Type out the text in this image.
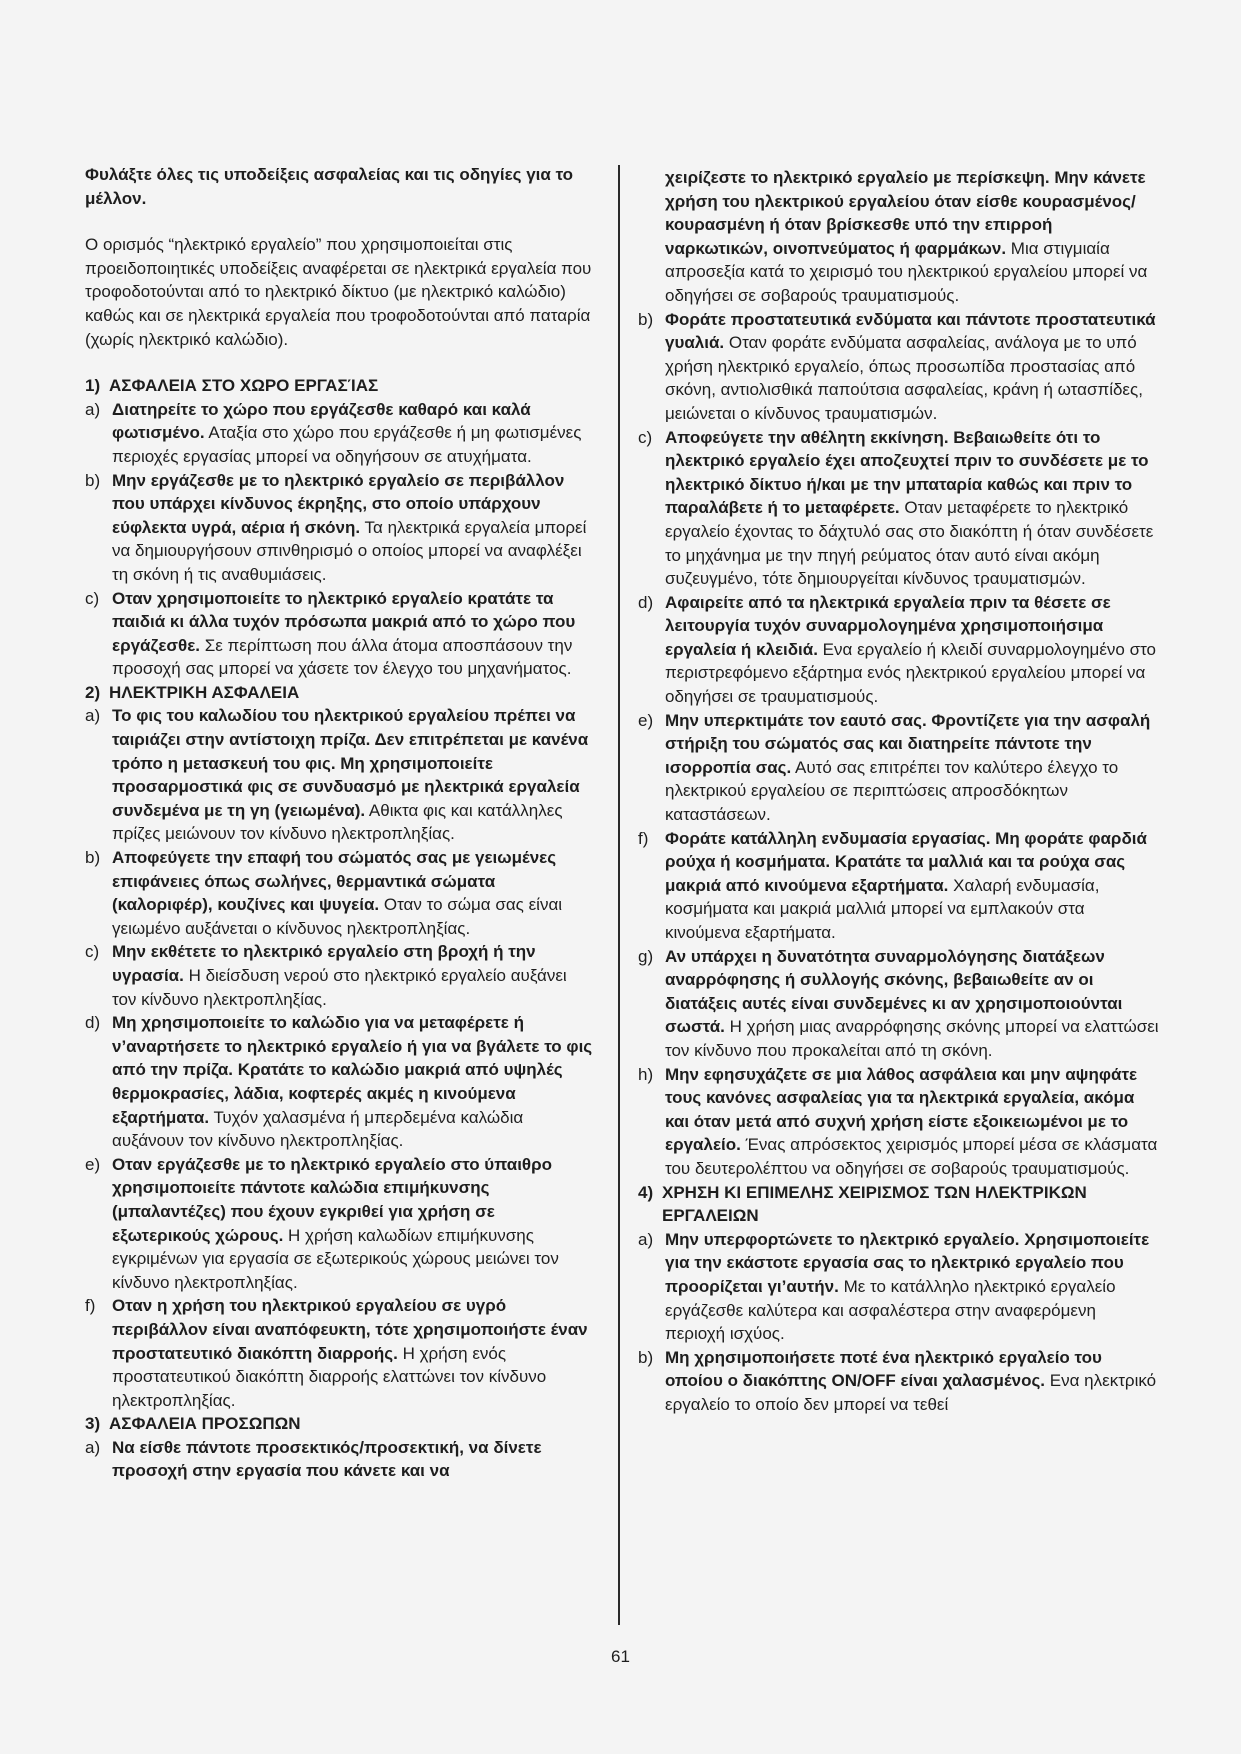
Φυλάξτε όλες τις υποδείξεις ασφαλείας και τις οδηγίες για το μέλλον.

Ο ορισμός “ηλεκτρικό εργαλείο” που χρησιμοποιείται στις προειδοποιητικές υποδείξεις αναφέρεται σε ηλεκτρικά εργαλεία που τροφοδοτούνται από το ηλεκτρικό δίκτυο (με ηλεκτρικό καλώδιο) καθώς και σε ηλεκτρικά εργαλεία που τροφοδοτούνται από παταρία (χωρίς ηλεκτρικό καλώδιο).

1) ΑΣΦΑΛΕΙΑ ΣΤΟ ΧΩΡΟ ΕΡΓΑΣΊΑΣ
a) Διατηρείτε το χώρο που εργάζεσθε καθαρό και καλά φωτισμένο. Αταξία στο χώρο που εργάζεσθε ή μη φωτισμένες περιοχές εργασίας μπορεί να οδηγήσουν σε ατυχήματα.
b) Μην εργάζεσθε με το ηλεκτρικό εργαλείο σε περιβάλλον που υπάρχει κίνδυνος έκρηξης, στο οποίο υπάρχουν εύφλεκτα υγρά, αέρια ή σκόνη. Τα ηλεκτρικά εργαλεία μπορεί να δημιουργήσουν σπινθηρισμό ο οποίος μπορεί να αναφλέξει τη σκόνη ή τις αναθυμιάσεις.
c) Οταν χρησιμοποιείτε το ηλεκτρικό εργαλείο κρατάτε τα παιδιά κι άλλα τυχόν πρόσωπα μακριά από το χώρο που εργάζεσθε. Σε περίπτωση που άλλα άτομα αποσπάσουν την προσοχή σας μπορεί να χάσετε τον έλεγχο του μηχανήματος.
2) ΗΛΕΚΤΡΙΚΗ ΑΣΦΑΛΕΙΑ
a) Το φις του καλωδίου του ηλεκτρικού εργαλείου πρέπει να ταιριάζει στην αντίστοιχη πρίζα. Δεν επιτρέπεται με κανένα τρόπο η μετασκευή του φις. Μη χρησιμοποιείτε προσαρμοστικά φις σε συνδυασμό με ηλεκτρικά εργαλεία συνδεμένα με τη γη (γειωμένα). Αθικτα φις και κατάλληλες πρίζες μειώνουν τον κίνδυνο ηλεκτροπληξίας.
b) Αποφεύγετε την επαφή του σώματός σας με γειωμένες επιφάνειες όπως σωλήνες, θερμαντικά σώματα (καλοριφέρ), κουζίνες και ψυγεία. Οταν το σώμα σας είναι γειωμένο αυξάνεται ο κίνδυνος ηλεκτροπληξίας.
c) Μην εκθέτετε το ηλεκτρικό εργαλείο στη βροχή ή την υγρασία. Η διείσδυση νερού στο ηλεκτρικό εργαλείο αυξάνει τον κίνδυνο ηλεκτροπληξίας.
d) Μη χρησιμοποιείτε το καλώδιο για να μεταφέρετε ή ν’αναρτήσετε το ηλεκτρικό εργαλείο ή για να βγάλετε το φις από την πρίζα. Κρατάτε το καλώδιο μακριά από υψηλές θερμοκρασίες, λάδια, κοφτερές ακμές η κινούμενα εξαρτήματα. Τυχόν χαλασμένα ή μπερδεμένα καλώδια αυξάνουν τον κίνδυνο ηλεκτροπληξίας.
e) Οταν εργάζεσθε με το ηλεκτρικό εργαλείο στο ύπαιθρο χρησιμοποιείτε πάντοτε καλώδια επιμήκυνσης (μπαλαντέζες) που έχουν εγκριθεί για χρήση σε εξωτερικούς χώρους. Η χρήση καλωδίων επιμήκυνσης εγκριμένων για εργασία σε εξωτερικούς χώρους μειώνει τον κίνδυνο ηλεκτροπληξίας.
f) Οταν η χρήση του ηλεκτρικού εργαλείου σε υγρό περιβάλλον είναι αναπόφευκτη, τότε χρησιμοποιήστε έναν προστατευτικό διακόπτη διαρροής. Η χρήση ενός προστατευτικού διακόπτη διαρροής ελαττώνει τον κίνδυνο ηλεκτροπληξίας.
3) ΑΣΦΑΛΕΙΑ ΠΡΟΣΩΠΩΝ
a) Να είσθε πάντοτε προσεκτικός/προσεκτική, να δίνετε προσοχή στην εργασία που κάνετε και να
χειρίζεστε το ηλεκτρικό εργαλείο με περίσκεψη. Μην κάνετε χρήση του ηλεκτρικού εργαλείου όταν είσθε κουρασμένος/κουρασμένη ή όταν βρίσκεσθε υπό την επιρροή ναρκωτικών, οινοπνεύματος ή φαρμάκων. Μια στιγμιαία απροσεξία κατά το χειρισμό του ηλεκτρικού εργαλείου μπορεί να οδηγήσει σε σοβαρούς τραυματισμούς.
b) Φοράτε προστατευτικά ενδύματα και πάντοτε προστατευτικά γυαλιά. Οταν φοράτε ενδύματα ασφαλείας, ανάλογα με το υπό χρήση ηλεκτρικό εργαλείο, όπως προσωπίδα προστασίας από σκόνη, αντιολισθικά παπούτσια ασφαλείας, κράνη ή ωτασπίδες, μειώνεται ο κίνδυνος τραυματισμών.
c) Αποφεύγετε την αθέλητη εκκίνηση. Βεβαιωθείτε ότι το ηλεκτρικό εργαλείο έχει αποζευχτεί πριν το συνδέσετε με το ηλεκτρικό δίκτυο ή/και με την μπαταρία καθώς και πριν το παραλάβετε ή το μεταφέρετε. Οταν μεταφέρετε το ηλεκτρικό εργαλείο έχοντας το δάχτυλό σας στο διακόπτη ή όταν συνδέσετε το μηχάνημα με την πηγή ρεύματος όταν αυτό είναι ακόμη συζευγμένο, τότε δημιουργείται κίνδυνος τραυματισμών.
d) Αφαιρείτε από τα ηλεκτρικά εργαλεία πριν τα θέσετε σε λειτουργία τυχόν συναρμολογημένα χρησιμοποιήσιμα εργαλεία ή κλειδιά. Ενα εργαλείο ή κλειδί συναρμολογημένο στο περιστρεφόμενο εξάρτημα ενός ηλεκτρικού εργαλείου μπορεί να οδηγήσει σε τραυματισμούς.
e) Μην υπερκτιμάτε τον εαυτό σας. Φροντίζετε για την ασφαλή στήριξη του σώματός σας και διατηρείτε πάντοτε την ισορροπία σας. Αυτό σας επιτρέπει τον καλύτερο έλεγχο το ηλεκτρικού εργαλείου σε περιπτώσεις απροσδόκητων καταστάσεων.
f) Φοράτε κατάλληλη ενδυμασία εργασίας. Μη φοράτε φαρδιά ρούχα ή κοσμήματα. Κρατάτε τα μαλλιά και τα ρούχα σας μακριά από κινούμενα εξαρτήματα. Χαλαρή ενδυμασία, κοσμήματα και μακριά μαλλιά μπορεί να εμπλακούν στα κινούμενα εξαρτήματα.
g) Αν υπάρχει η δυνατότητα συναρμολόγησης διατάξεων αναρρόφησης ή συλλογής σκόνης, βεβαιωθείτε αν οι διατάξεις αυτές είναι συνδεμένες κι αν χρησιμοποιούνται σωστά. Η χρήση μιας αναρρόφησης σκόνης μπορεί να ελαττώσει τον κίνδυνο που προκαλείται από τη σκόνη.
h) Μην εφησυχάζετε σε μια λάθος ασφάλεια και μην αψηφάτε τους κανόνες ασφαλείας για τα ηλεκτρικά εργαλεία, ακόμα και όταν μετά από συχνή χρήση είστε εξοικειωμένοι με το εργαλείο. Ένας απρόσεκτος χειρισμός μπορεί μέσα σε κλάσματα του δευτερολέπτου να οδηγήσει σε σοβαρούς τραυματισμούς.
4) ΧΡΗΣΗ ΚΙ ΕΠΙΜΕΛΗΣ ΧΕΙΡΙΣΜΟΣ ΤΩΝ ΗΛΕΚΤΡΙΚΩΝ ΕΡΓΑΛΕΙΩΝ
a) Μην υπερφορτώνετε το ηλεκτρικό εργαλείο. Χρησιμοποιείτε για την εκάστοτε εργασία σας το ηλεκτρικό εργαλείο που προορίζεται γι’αυτήν. Με το κατάλληλο ηλεκτρικό εργαλείο εργάζεσθε καλύτερα και ασφαλέστερα στην αναφερόμενη περιοχή ισχύος.
b) Μη χρησιμοποιήσετε ποτέ ένα ηλεκτρικό εργαλείο του οποίου ο διακόπτης ON/OFF είναι χαλασμένος. Ενα ηλεκτρικό εργαλείο το οποίο δεν μπορεί να τεθεί
61
